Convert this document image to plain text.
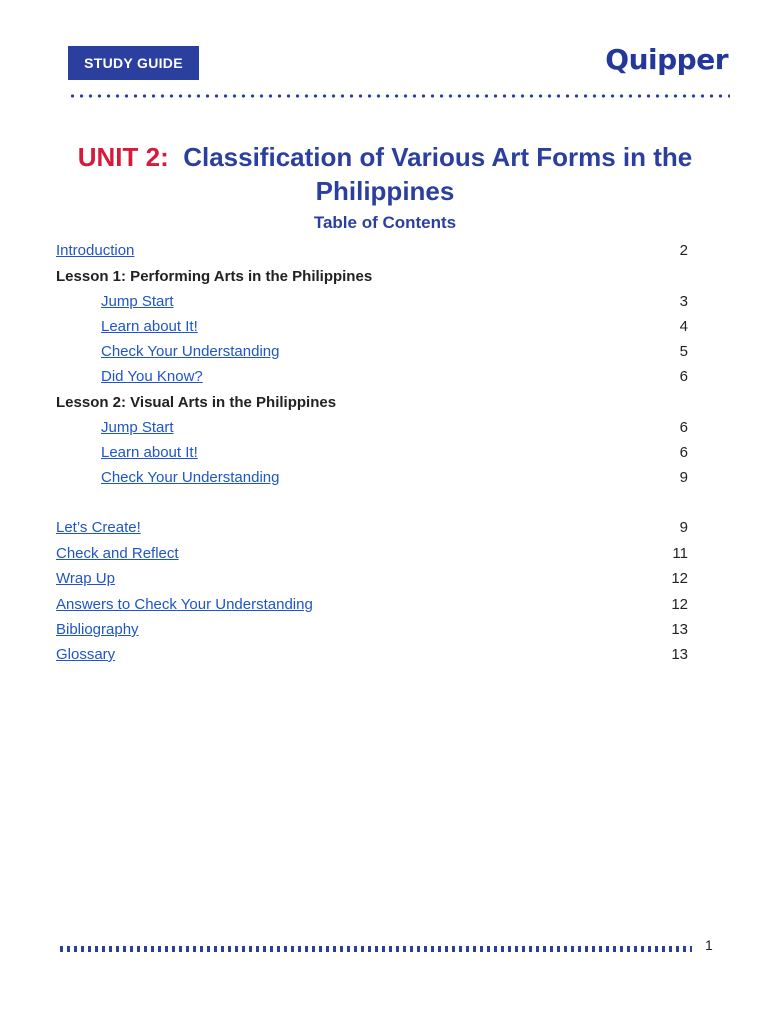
STUDY GUIDE	Quipper
UNIT 2: Classification of Various Art Forms in the Philippines
Table of Contents
Introduction	2
Lesson 1: Performing Arts in the Philippines
Jump Start	3
Learn about It!	4
Check Your Understanding	5
Did You Know?	6
Lesson 2: Visual Arts in the Philippines
Jump Start	6
Learn about It!	6
Check Your Understanding	9
Let’s Create!	9
Check and Reflect	11
Wrap Up	12
Answers to Check Your Understanding	12
Bibliography	13
Glossary	13
1
